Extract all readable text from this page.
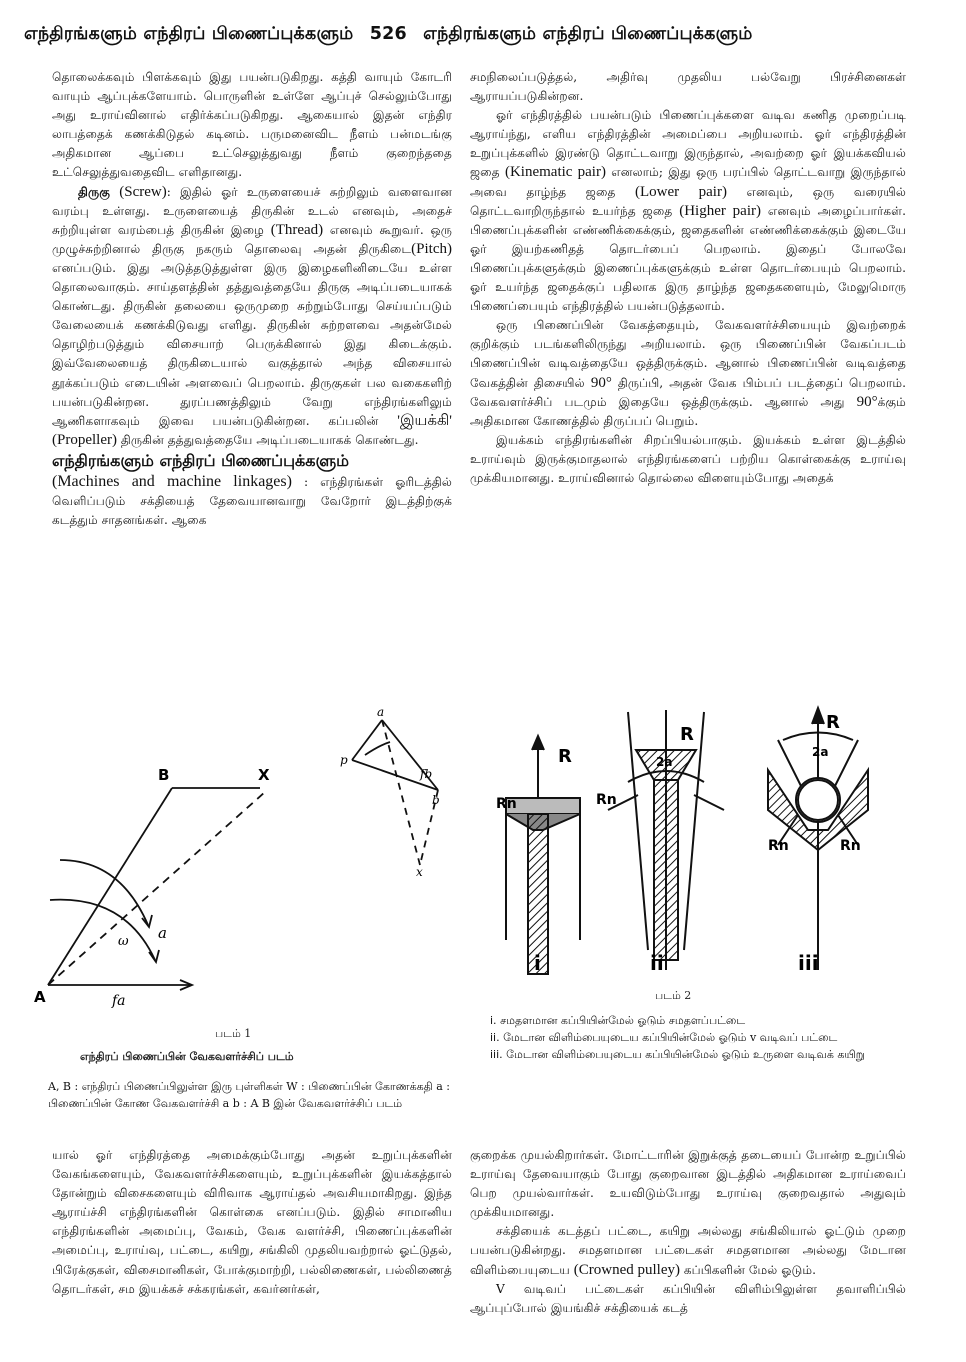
எந்திரங்களும் எந்திரப் பிணைப்புக்களும் 526 எந்திரங்களும் எந்திரப் பிணைப்புக்களும்

தொலைக்கவும் பிளக்கவும் இது பயன்படுகிறது. கத்தி வாயும் கோடரி வாயும் ஆப்புக்களேயாம். பொருளின் உள்ளே ஆப்புச் செல்லும்போது அது உராய்வினால் எதிர்க்கப்படுகிறது. ஆகையால் இதன் எந்திர லாபத்தைக் கணக்கிடுதல் கடினம். பருமனைவிட நீளம் பன்மடங்கு அதிகமான ஆப்பை உட்செலுத்துவது நீளம் குறைந்ததை உட்செலுத்துவதைவிட எளிதானது.

திருகு (Screw): இதில் ஓர் உருளையைச் சுற்றிலும் வளைவான வரம்பு உள்ளது. உருளையைத் திருகின் உடல் எனவும், அதைச் சுற்றியுள்ள வரம்பைத் திருகின் இழை (Thread) எனவும் கூறுவர். ஒரு முழுச்சுற்றினால் திருகு நகரும் தொலைவு அதன் திருகிடை(Pitch) எனப்படும். இது அடுத்தடுத்துள்ள இரு இழைகளினிடையே உள்ள தொலைவாகும். சாய்தளத்தின் தத்துவத்தையே திருகு அடிப்படையாகக் கொண்டது. திருகின் தலையை ஒருமுறை சுற்றும்போது செய்யப்படும் வேலையைக் கணக்கிடுவது எளிது. திருகின் சுற்றளவை அதன்மேல் தொழிற்படுத்தும் விசையாற் பெருக்கினால் இது கிடைக்கும். இவ்வேலையைத் திருகிடையால் வகுத்தால் அந்த விசையால் தூக்கப்படும் எடையின் அளவைப் பெறலாம். திருகுகள் பல வகைகளிற் பயன்படுகின்றன. துரப்பணத்திலும் வேறு எந்திரங்களிலும் ஆணிகளாகவும் இவை பயன்படுகின்றன. கப்பலின் 'இயக்கி' (Propeller) திருகின் தத்துவத்தையே அடிப்படையாகக் கொண்டது.

எந்திரங்களும் எந்திரப் பிணைப்புக்களும்

(Machines and machine linkages) : எந்திரங்கள் ஓரிடத்தில் வெளிப்படும் சக்தியைத் தேவையானவாறு வேறோர் இடத்திற்குக் கடத்தும் சாதனங்கள். ஆகை

சமநிலைப்படுத்தல், அதிர்வு முதலிய பல்வேறு பிரச்சினைகள் ஆராயப்படுகின்றன.

ஓர் எந்திரத்தில் பயன்படும் பிணைப்புக்களை வடிவ கணித முறைப்படி ஆராய்ந்து, எளிய எந்திரத்தின் அமைப்பை அறியலாம். ஓர் எந்திரத்தின் உறுப்புக்களில் இரண்டு தொட்டவாறு இருந்தால், அவற்றை ஓர் இயக்கவியல் ஜதை (Kinematic pair) எனலாம்; இது ஒரு பரப்பில் தொட்டவாறு இருந்தால் அவை தாழ்ந்த ஜதை (Lower pair) எனவும், ஒரு வரையில் தொட்டவாறிருந்தால் உயர்ந்த ஜதை (Higher pair) எனவும் அழைப்பார்கள். பிணைப்புக்களின் எண்ணிக்கைக்கும், ஜதைகளின் எண்ணிக்கைக்கும் இடையே ஓர் இயற்கணிதத் தொடர்பைப் பெறலாம். இதைப் போலவே பிணைப்புக்களுக்கும் இணைப்புக்களுக்கும் உள்ள தொடர்பையும் பெறலாம். ஓர் உயர்ந்த ஜதைக்குப் பதிலாக இரு தாழ்ந்த ஜதைகளையும், மேலுமொரு பிணைப்பையும் எந்திரத்தில் பயன்படுத்தலாம்.

ஒரு பிணைப்பின் வேகத்தையும், வேகவளர்ச்சியையும் இவற்றைக் குறிக்கும் படங்களிலிருந்து அறியலாம். ஒரு பிணைப்பின் வேகப்படம் பிணைப்பின் வடிவத்தையே ஒத்திருக்கும். ஆனால் பிணைப்பின் வடிவத்தை வேகத்தின் திசையில் 90° திருப்பி, அதன் வேக பிம்பப் படத்தைப் பெறலாம். வேகவளர்ச்சிப் படமும் இதையே ஒத்திருக்கும். ஆனால் அது 90°க்கும் அதிகமான கோணத்தில் திருப்பப் பெறும்.

இயக்கம் எந்திரங்களின் சிறப்பியல்பாகும். இயக்கம் உள்ள இடத்தில் உராய்வும் இருக்குமாதலால் எந்திரங்களைப் பற்றிய கொள்கைக்கு உராய்வு முக்கியமானது. உராய்வினால் தொல்லை விளையும்போது அதைக்

B	X
A	fa
ω a
a
p
b
x
fb
படம் 1
எந்திரப் பிணைப்பின் வேகவளர்ச்சிப் படம்

A, B : எந்திரப் பிணைப்பிலுள்ள இரு புள்ளிகள் W : பிணைப்பின் கோணக்கதி a : பிணைப்பின் கோண வேகவளர்ச்சி a b : A B இன் வேகவளர்ச்சிப் படம்

R
Rn
R
2a
Rn
R
2a
Rn	Rn
i	ii	iii
படம் 2

i. சமதளமான கப்பியின்மேல் ஓடும் சமதளப்பட்டை

ii. மேடான விளிம்பையுடைய கப்பியின்மேல் ஓடும் v வடிவப் பட்டை

iii. மேடான விளிம்பையுடைய கப்பியின்மேல் ஓடும் உருளை வடிவக் கயிறு

யால் ஓர் எந்திரத்தை அமைக்கும்போது அதன் உறுப்புக்களின் வேகங்களையும், வேகவளர்ச்சிகளையும், உறுப்புக்களின் இயக்கத்தால் தோன்றும் விசைகளையும் விரிவாக ஆராய்தல் அவசியமாகிறது. இந்த ஆராய்ச்சி எந்திரங்களின் கொள்கை எனப்படும். இதில் சாமானிய எந்திரங்களின் அமைப்பு, வேகம், வேக வளர்ச்சி, பிணைப்புக்களின் அமைப்பு, உராய்வு, பட்டை, கயிறு, சங்கிலி முதலியவற்றால் ஓட்டுதல், பிரேக்குகள், விசைமானிகள், போக்குமாற்றி, பல்லிணைகள், பல்லிணைத் தொடர்கள், சம இயக்கச் சக்கரங்கள், கவர்னர்கள்,

குறைக்க முயல்கிறார்கள். மோட்டாரின் இறுக்குத் தடையைப் போன்ற உறுப்பில் உராய்வு தேவையாகும் போது குறைவான இடத்தில் அதிகமான உராய்வைப் பெற முயல்வார்கள். உயவிடும்போது உராய்வு குறைவதால் அதுவும் முக்கியமானது.

சக்தியைக் கடத்தப் பட்டை, கயிறு அல்லது சங்கிலியால் ஓட்டும் முறை பயன்படுகின்றது. சமதளமான பட்டைகள் சமதளமான அல்லது மேடான விளிம்பையுடைய (Crowned pulley) கப்பிகளின் மேல் ஓடும்.

V வடிவப் பட்டைகள் கப்பியின் விளிம்பிலுள்ள தவாளிப்பில் ஆப்புப்போல் இயங்கிச் சக்தியைக் கடத்
